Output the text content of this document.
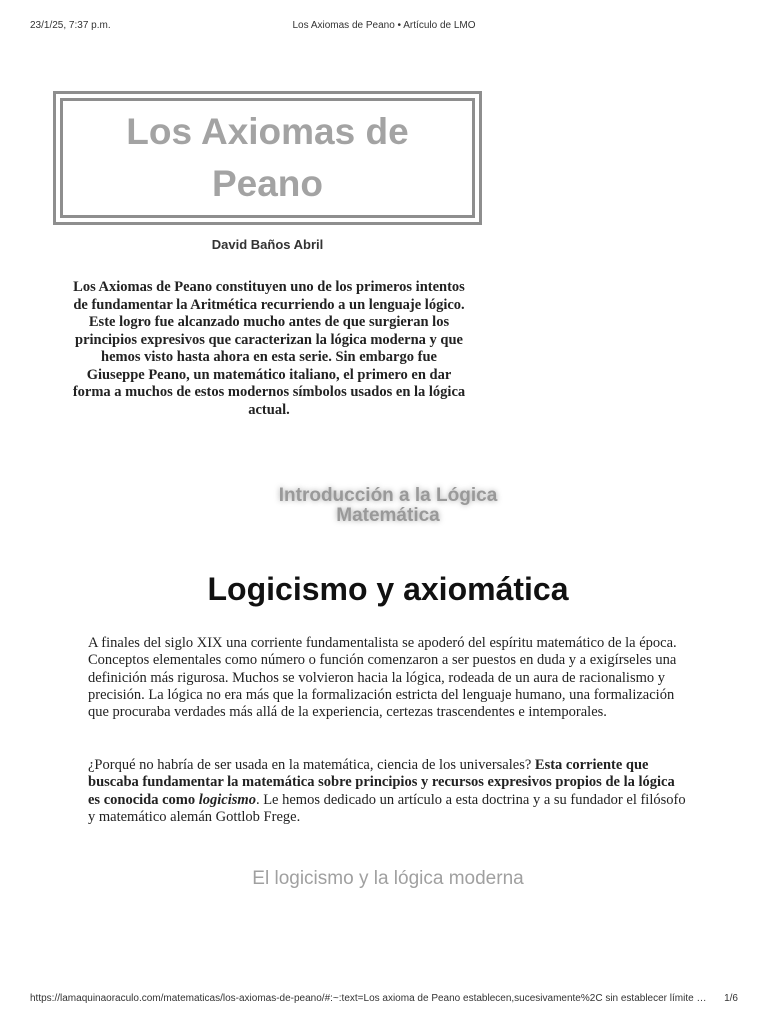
23/1/25, 7:37 p.m.	Los Axiomas de Peano • Artículo de LMO
Los Axiomas de Peano
David Baños Abril
Los Axiomas de Peano constituyen uno de los primeros intentos de fundamentar la Aritmética recurriendo a un lenguaje lógico. Este logro fue alcanzado mucho antes de que surgieran los principios expresivos que caracterizan la lógica moderna y que hemos visto hasta ahora en esta serie. Sin embargo fue Giuseppe Peano, un matemático italiano, el primero en dar forma a muchos de estos modernos símbolos usados en la lógica actual.
Introducción a la Lógica Matemática
Logicismo y axiomática
A finales del siglo XIX una corriente fundamentalista se apoderó del espíritu matemático de la época. Conceptos elementales como número o función comenzaron a ser puestos en duda y a exigírseles una definición más rigurosa. Muchos se volvieron hacia la lógica, rodeada de un aura de racionalismo y precisión. La lógica no era más que la formalización estricta del lenguaje humano, una formalización que procuraba verdades más allá de la experiencia, certezas trascendentes e intemporales.
¿Porqué no habría de ser usada en la matemática, ciencia de los universales? Esta corriente que buscaba fundamentar la matemática sobre principios y recursos expresivos propios de la lógica es conocida como logicismo. Le hemos dedicado un artículo a esta doctrina y a su fundador el filósofo y matemático alemán Gottlob Frege.
El logicismo y la lógica moderna
https://lamaquinaoraculo.com/matematicas/los-axiomas-de-peano/#:~:text=Los axioma de Peano establecen,sucesivamente%2C sin establecer límite …	1/6
